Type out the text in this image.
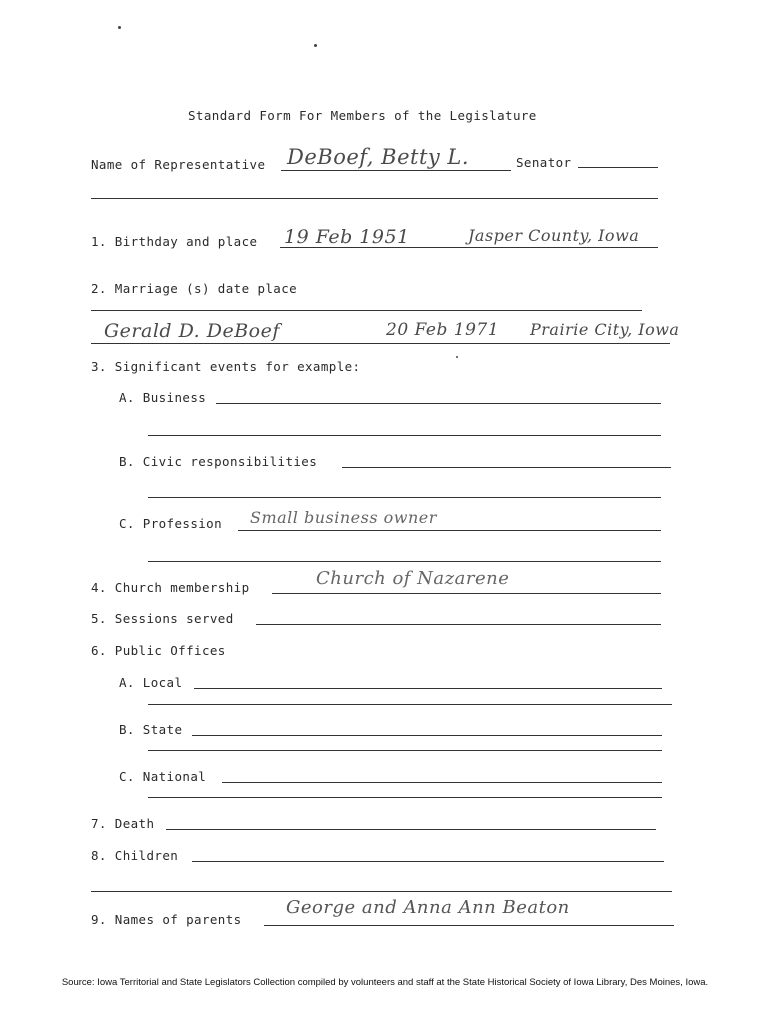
Standard Form For Members of the Legislature
Name of Representative DeBoef, Betty L.	Senator
1. Birthday and place 19 Feb 1951	Jasper County, Iowa
2. Marriage (s) date place
Gerald D. DeBoef	20 Feb 1971 Prairie City, Iowa
3. Significant events for example:
A. Business
B. Civic responsibilities
C. Profession Small business owner
4. Church membership	Church of Nazarene
5. Sessions served
6. Public Offices
A. Local
B. State
C. National
7. Death
8. Children
9. Names of parents
George and Anna Ann Beaton
Source: Iowa Territorial and State Legislators Collection compiled by volunteers and staff at the State Historical Society of Iowa Library, Des Moines, Iowa.
